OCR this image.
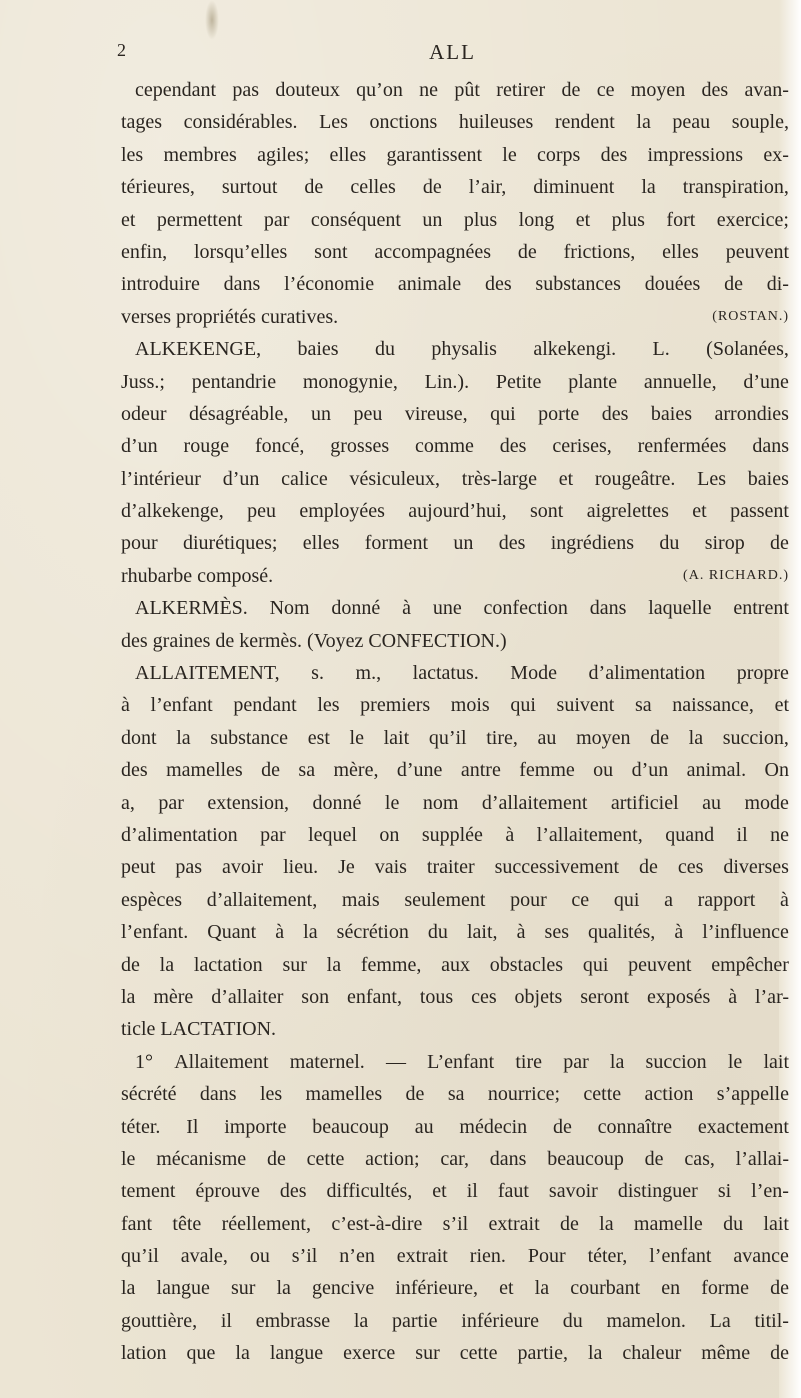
2	ALL
cependant pas douteux qu’on ne pût retirer de ce moyen des avan-
tages considérables. Les onctions huileuses rendent la peau souple,
les membres agiles; elles garantissent le corps des impressions ex-
térieures, surtout de celles de l’air, diminuent la transpiration,
et permettent par conséquent un plus long et plus fort exercice;
enfin, lorsqu’elles sont accompagnées de frictions, elles peuvent
introduire dans l’économie animale des substances douées de di-
verses propriétés curatives.	(ROSTAN.)
ALKEKENGE, baies du physalis alkekengi. L. (Solanées,
Juss.; pentandrie monogynie, Lin.). Petite plante annuelle, d’une
odeur désagréable, un peu vireuse, qui porte des baies arrondies
d’un rouge foncé, grosses comme des cerises, renfermées dans
l’intérieur d’un calice vésiculeux, très-large et rougeâtre. Les baies
d’alkekenge, peu employées aujourd’hui, sont aigrelettes et passent
pour diurétiques; elles forment un des ingrédiens du sirop de
rhubarbe composé.	(A. RICHARD.)
ALKERMÈS. Nom donné à une confection dans laquelle entrent
des graines de kermès. (Voyez CONFECTION.)
ALLAITEMENT, s. m., lactatus. Mode d’alimentation propre
à l’enfant pendant les premiers mois qui suivent sa naissance, et
dont la substance est le lait qu’il tire, au moyen de la succion,
des mamelles de sa mère, d’une antre femme ou d’un animal. On
a, par extension, donné le nom d’allaitement artificiel au mode
d’alimentation par lequel on supplée à l’allaitement, quand il ne
peut pas avoir lieu. Je vais traiter successivement de ces diverses
espèces d’allaitement, mais seulement pour ce qui a rapport à
l’enfant. Quant à la sécrétion du lait, à ses qualités, à l’influence
de la lactation sur la femme, aux obstacles qui peuvent empêcher
la mère d’allaiter son enfant, tous ces objets seront exposés à l’ar-
ticle LACTATION.
1° Allaitement maternel. — L’enfant tire par la succion le lait
sécrété dans les mamelles de sa nourrice; cette action s’appelle
téter. Il importe beaucoup au médecin de connaître exactement
le mécanisme de cette action; car, dans beaucoup de cas, l’allai-
tement éprouve des difficultés, et il faut savoir distinguer si l’en-
fant tête réellement, c’est-à-dire s’il extrait de la mamelle du lait
qu’il avale, ou s’il n’en extrait rien. Pour téter, l’enfant avance
la langue sur la gencive inférieure, et la courbant en forme de
gouttière, il embrasse la partie inférieure du mamelon. La titil-
lation que la langue exerce sur cette partie, la chaleur même de
